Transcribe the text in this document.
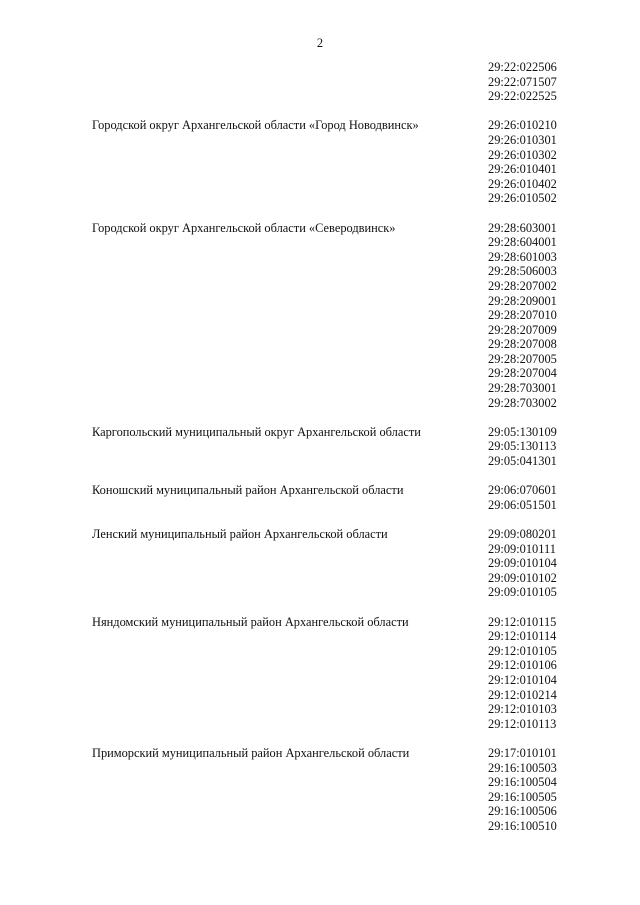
2
29:22:022506
29:22:071507
29:22:022525
Городской округ Архангельской области «Город Новодвинск»	29:26:010210
29:26:010301
29:26:010302
29:26:010401
29:26:010402
29:26:010502
Городской округ Архангельской области «Северодвинск»	29:28:603001
29:28:604001
29:28:601003
29:28:506003
29:28:207002
29:28:209001
29:28:207010
29:28:207009
29:28:207008
29:28:207005
29:28:207004
29:28:703001
29:28:703002
Каргопольский муниципальный округ Архангельской области	29:05:130109
29:05:130113
29:05:041301
Коношский муниципальный район Архангельской области	29:06:070601
29:06:051501
Ленский муниципальный район Архангельской области	29:09:080201
29:09:010111
29:09:010104
29:09:010102
29:09:010105
Няндомский муниципальный район Архангельской области	29:12:010115
29:12:010114
29:12:010105
29:12:010106
29:12:010104
29:12:010214
29:12:010103
29:12:010113
Приморский муниципальный район Архангельской области	29:17:010101
29:16:100503
29:16:100504
29:16:100505
29:16:100506
29:16:100510
